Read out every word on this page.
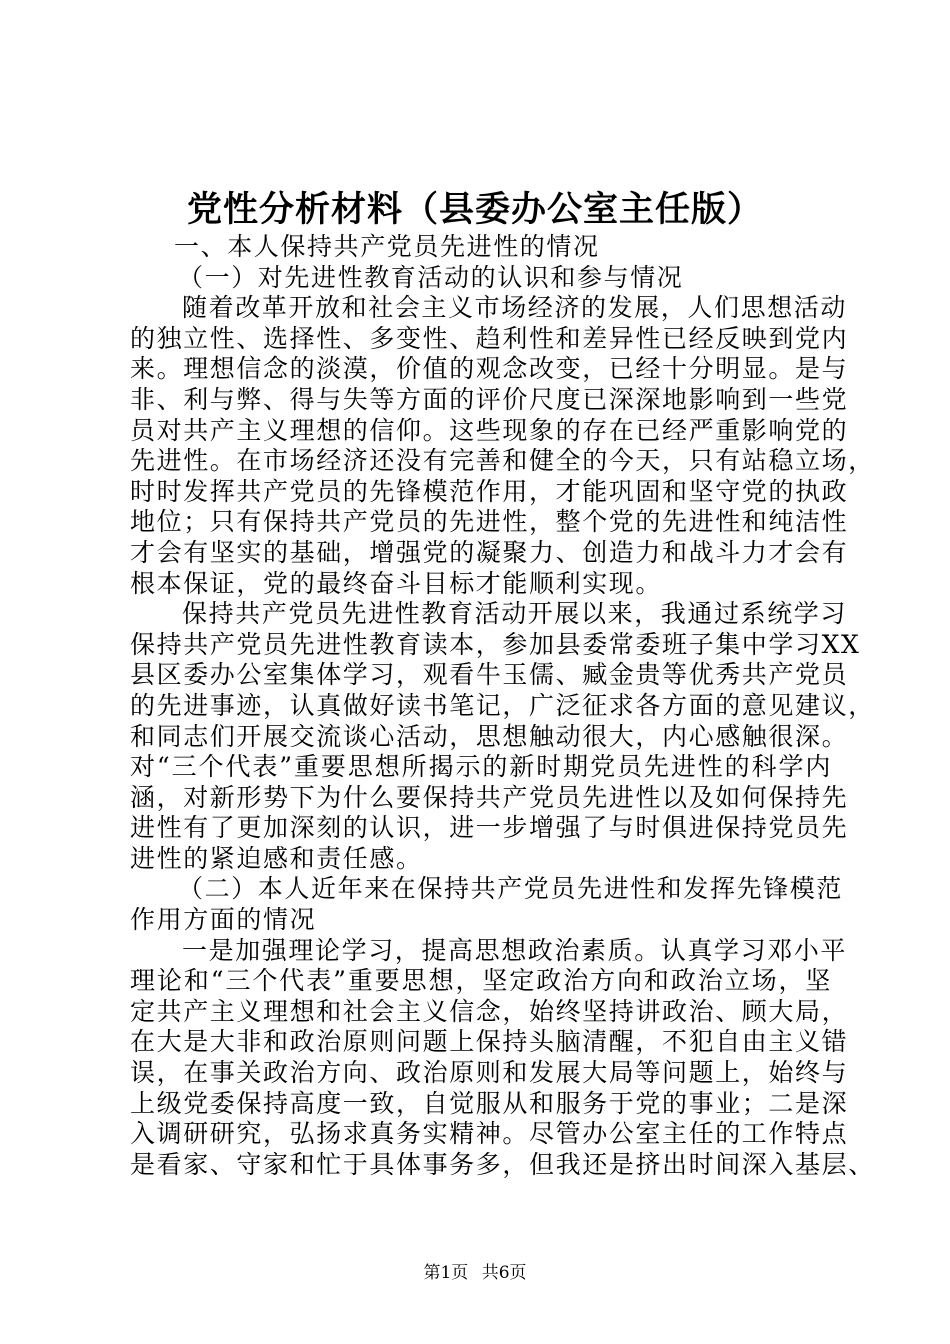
党性分析材料（县委办公室主任版）
一、本人保持共产党员先进性的情况
（一）对先进性教育活动的认识和参与情况
随着改革开放和社会主义市场经济的发展，人们思想活动
的独立性、选择性、多变性、趋利性和差异性已经反映到党内
来。理想信念的淡漠，价值的观念改变，已经十分明显。是与
非、利与弊、得与失等方面的评价尺度已深深地影响到一些党
员对共产主义理想的信仰。这些现象的存在已经严重影响党的
先进性。在市场经济还没有完善和健全的今天，只有站稳立场，
时时发挥共产党员的先锋模范作用，才能巩固和坚守党的执政
地位；只有保持共产党员的先进性，整个党的先进性和纯洁性
才会有坚实的基础，增强党的凝聚力、创造力和战斗力才会有
根本保证，党的最终奋斗目标才能顺利实现。
保持共产党员先进性教育活动开展以来，我通过系统学习
保持共产党员先进性教育读本，参加县委常委班子集中学习XX
县区委办公室集体学习，观看牛玉儒、臧金贵等优秀共产党员
的先进事迹，认真做好读书笔记，广泛征求各方面的意见建议，
和同志们开展交流谈心活动，思想触动很大，内心感触很深。
对“三个代表”重要思想所揭示的新时期党员先进性的科学内
涵，对新形势下为什么要保持共产党员先进性以及如何保持先
进性有了更加深刻的认识，进一步增强了与时俱进保持党员先
进性的紧迫感和责任感。
（二）本人近年来在保持共产党员先进性和发挥先锋模范
作用方面的情况
一是加强理论学习，提高思想政治素质。认真学习邓小平
理论和“三个代表”重要思想，坚定政治方向和政治立场，坚
定共产主义理想和社会主义信念，始终坚持讲政治、顾大局，
在大是大非和政治原则问题上保持头脑清醒，不犯自由主义错
误，在事关政治方向、政治原则和发展大局等问题上，始终与
上级党委保持高度一致，自觉服从和服务于党的事业；二是深
入调研研究，弘扬求真务实精神。尽管办公室主任的工作特点
是看家、守家和忙于具体事务多，但我还是挤出时间深入基层、
第1页 共6页
